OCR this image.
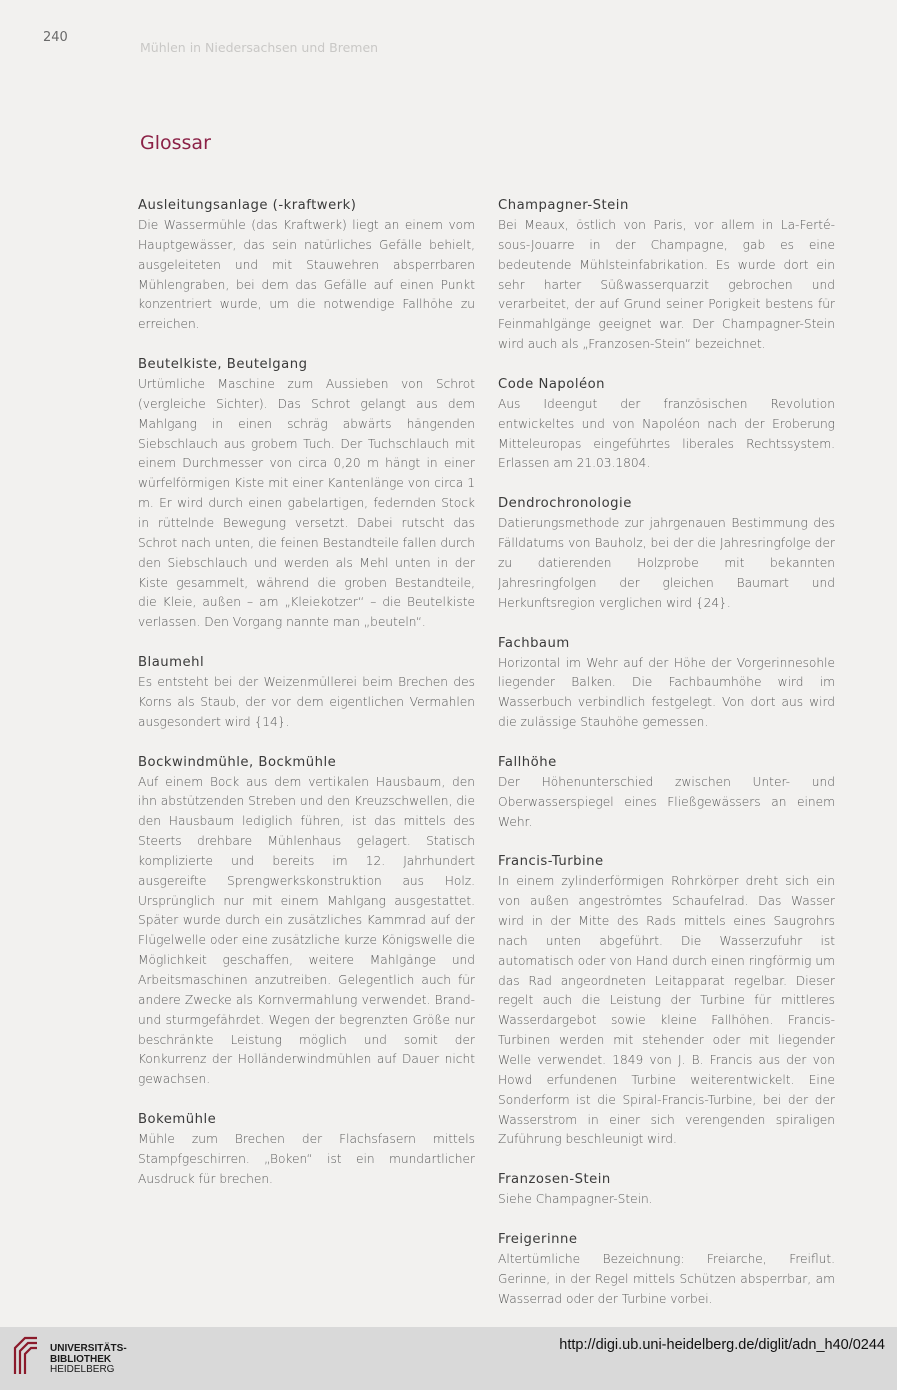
240
Mühlen in Niedersachsen und Bremen
Glossar

Ausleitungsanlage (-kraftwerk)

Die Wassermühle (das Kraftwerk) liegt an einem vom Hauptgewässer, das sein natürliches Gefälle behielt, ausgeleiteten und mit Stauwehren absperrbaren Mühlengraben, bei dem das Gefälle auf einen Punkt konzentriert wurde, um die notwendige Fallhöhe zu erreichen.

Beutelkiste, Beutelgang

Urtümliche Maschine zum Aussieben von Schrot (vergleiche Sichter). Das Schrot gelangt aus dem Mahlgang in einen schräg abwärts hängenden Siebschlauch aus grobem Tuch. Der Tuchschlauch mit einem Durchmesser von circa 0,20 m hängt in einer würfelförmigen Kiste mit einer Kantenlänge von circa 1 m. Er wird durch einen gabelartigen, federnden Stock in rüttelnde Bewegung versetzt. Dabei rutscht das Schrot nach unten, die feinen Bestandteile fallen durch den Siebschlauch und werden als Mehl unten in der Kiste gesammelt, während die groben Bestandteile, die Kleie, außen – am „Kleiekotzer“ – die Beutelkiste verlassen. Den Vorgang nannte man „beuteln“.

Blaumehl

Es entsteht bei der Weizenmüllerei beim Brechen des Korns als Staub, der vor dem eigentlichen Vermahlen ausgesondert wird {14}.

Bockwindmühle, Bockmühle

Auf einem Bock aus dem vertikalen Hausbaum, den ihn abstützenden Streben und den Kreuzschwellen, die den Hausbaum lediglich führen, ist das mittels des Steerts drehbare Mühlenhaus gelagert. Statisch komplizierte und bereits im 12. Jahrhundert ausgereifte Sprengwerkskonstruktion aus Holz. Ursprünglich nur mit einem Mahlgang ausgestattet. Später wurde durch ein zusätzliches Kammrad auf der Flügelwelle oder eine zusätzliche kurze Königswelle die Möglichkeit geschaffen, weitere Mahlgänge und Arbeitsmaschinen anzutreiben. Gelegentlich auch für andere Zwecke als Kornvermahlung verwendet. Brand- und sturmgefährdet. Wegen der begrenzten Größe nur beschränkte Leistung möglich und somit der Konkurrenz der Holländerwindmühlen auf Dauer nicht gewachsen.

Bokemühle

Mühle zum Brechen der Flachsfasern mittels Stampfgeschirren. „Boken“ ist ein mundartlicher Ausdruck für brechen.

Champagner-Stein

Bei Meaux, östlich von Paris, vor allem in La-Ferté-sous-Jouarre in der Champagne, gab es eine bedeutende Mühlsteinfabrikation. Es wurde dort ein sehr harter Süßwasserquarzit gebrochen und verarbeitet, der auf Grund seiner Porigkeit bestens für Feinmahlgänge geeignet war. Der Champagner-Stein wird auch als „Franzosen-Stein“ bezeichnet.

Code Napoléon

Aus Ideengut der französischen Revolution entwickeltes und von Napoléon nach der Eroberung Mitteleuropas eingeführtes liberales Rechtssystem. Erlassen am 21.03.1804.

Dendrochronologie

Datierungsmethode zur jahrgenauen Bestimmung des Fälldatums von Bauholz, bei der die Jahresringfolge der zu datierenden Holzprobe mit bekannten Jahresringfolgen der gleichen Baumart und Herkunftsregion verglichen wird {24}.

Fachbaum

Horizontal im Wehr auf der Höhe der Vorgerinnesohle liegender Balken. Die Fachbaumhöhe wird im Wasserbuch verbindlich festgelegt. Von dort aus wird die zulässige Stauhöhe gemessen.

Fallhöhe

Der Höhenunterschied zwischen Unter- und Oberwasserspiegel eines Fließgewässers an einem Wehr.

Francis-Turbine

In einem zylinderförmigen Rohrkörper dreht sich ein von außen angeströmtes Schaufelrad. Das Wasser wird in der Mitte des Rads mittels eines Saugrohrs nach unten abgeführt. Die Wasserzufuhr ist automatisch oder von Hand durch einen ringförmig um das Rad angeordneten Leitapparat regelbar. Dieser regelt auch die Leistung der Turbine für mittleres Wasserdargebot sowie kleine Fallhöhen. Francis-Turbinen werden mit stehender oder mit liegender Welle verwendet. 1849 von J. B. Francis aus der von Howd erfundenen Turbine weiterentwickelt. Eine Sonderform ist die Spiral-Francis-Turbine, bei der der Wasserstrom in einer sich verengenden spiraligen Zuführung beschleunigt wird.

Franzosen-Stein

Siehe Champagner-Stein.

Freigerinne

Altertümliche Bezeichnung: Freiarche, Freiflut. Gerinne, in der Regel mittels Schützen absperrbar, am Wasserrad oder der Turbine vorbei.

UNIVERSITÄTS-
BIBLIOTHEK
HEIDELBERG
http://digi.ub.uni-heidelberg.de/diglit/adn_h40/0244
